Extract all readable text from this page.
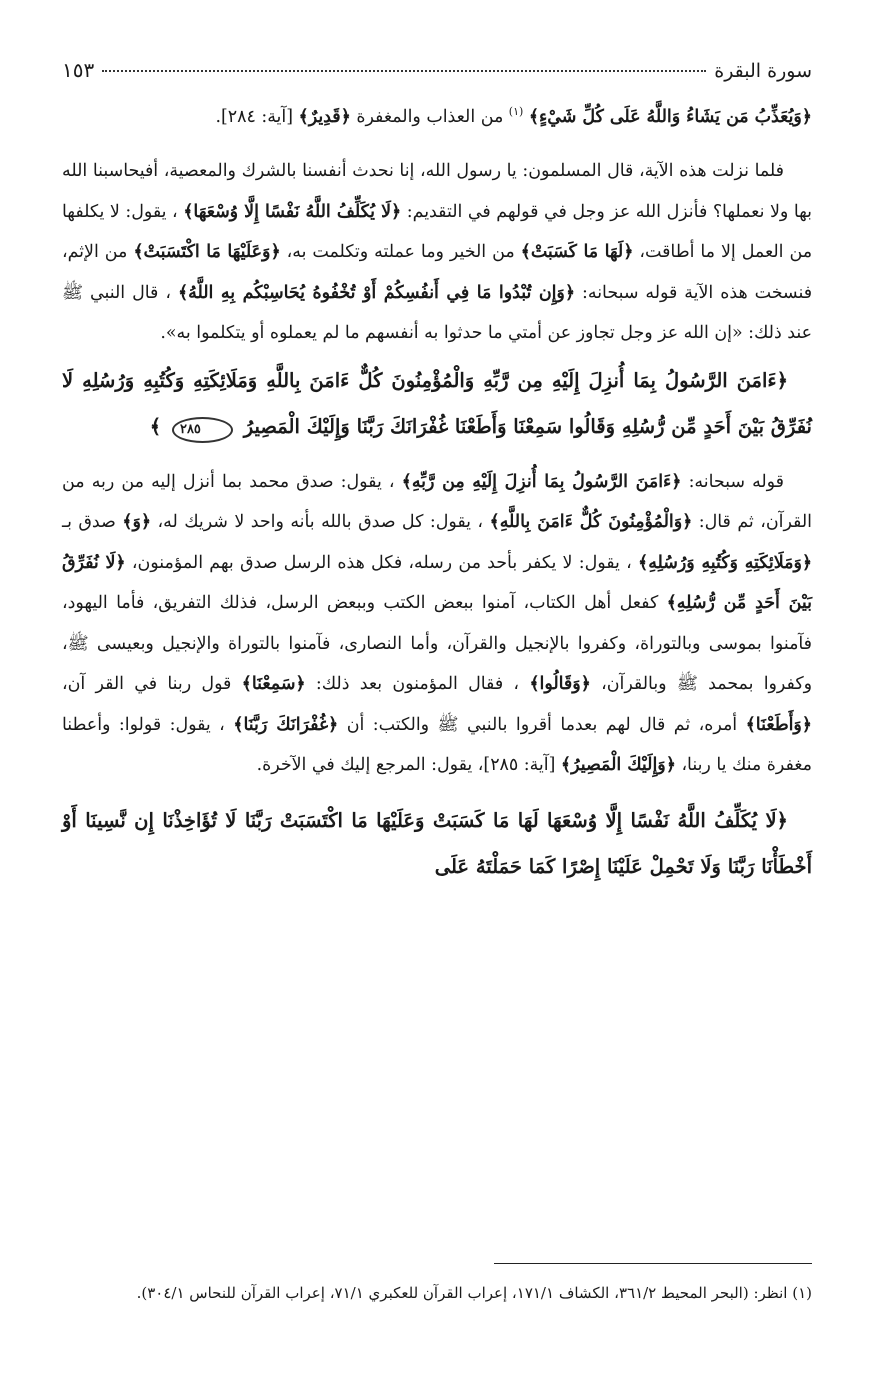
سورة البقرة
١٥٣

﴿وَيُعَذِّبُ مَن يَشَاءُ وَاللَّهُ عَلَى كُلِّ شَيْءٍ﴾ $^{(١)}$ من العذاب والمغفرة ﴿قَدِيرٌ﴾ [آية: ٢٨٤].

فلما نزلت هذه الآية، قال المسلمون: يا رسول الله، إنا نحدث أنفسنا بالشرك والمعصية، أفيحاسبنا الله بها ولا نعملها؟ فأنزل الله عز وجل في قولهم في التقديم: ﴿لَا يُكَلِّفُ اللَّهُ نَفْسًا إِلَّا وُسْعَهَا﴾ ، يقول: لا يكلفها من العمل إلا ما أطاقت، ﴿لَهَا مَا كَسَبَتْ﴾ من الخير وما عملته وتكلمت به، ﴿وَعَلَيْهَا مَا اكْتَسَبَتْ﴾ من الإثم، فنسخت هذه الآية قوله سبحانه: ﴿وَإِن تُبْدُوا مَا فِي أَنفُسِكُمْ أَوْ تُخْفُوهُ يُحَاسِبْكُم بِهِ اللَّهُ﴾ ، قال النبي ﷺ عند ذلك: «إن الله عز وجل تجاوز عن أمتي ما حدثوا به أنفسهم ما لم يعملوه أو يتكلموا به».

﴿ءَامَنَ الرَّسُولُ بِمَا أُنزِلَ إِلَيْهِ مِن رَّبِّهِ وَالْمُؤْمِنُونَ كُلٌّ ءَامَنَ بِاللَّهِ وَمَلَائِكَتِهِ وَكُتُبِهِ وَرُسُلِهِ لَا نُفَرِّقُ بَيْنَ أَحَدٍ مِّن رُّسُلِهِ وَقَالُوا سَمِعْنَا وَأَطَعْنَا غُفْرَانَكَ رَبَّنَا وَإِلَيْكَ الْمَصِيرُ ٢٨٥ ﴾

قوله سبحانه: ﴿ءَامَنَ الرَّسُولُ بِمَا أُنزِلَ إِلَيْهِ مِن رَّبِّهِ﴾ ، يقول: صدق محمد بما أنزل إليه من ربه من القرآن، ثم قال: ﴿وَالْمُؤْمِنُونَ كُلٌّ ءَامَنَ بِاللَّهِ﴾ ، يقول: كل صدق بالله بأنه واحد لا شريك له، ﴿وَ﴾ صدق بـ ﴿وَمَلَائِكَتِهِ وَكُتُبِهِ وَرُسُلِهِ﴾ ، يقول: لا يكفر بأحد من رسله، فكل هذه الرسل صدق بهم المؤمنون، ﴿لَا نُفَرِّقُ بَيْنَ أَحَدٍ مِّن رُّسُلِهِ﴾ كفعل أهل الكتاب، آمنوا ببعض الكتب وببعض الرسل، فذلك التفريق، فأما اليهود، فآمنوا بموسى وبالتوراة، وكفروا بالإنجيل والقرآن، وأما النصارى، فآمنوا بالتوراة والإنجيل وبعيسى ﷺ، وكفروا بمحمد ﷺ وبالقرآن، ﴿وَقَالُوا﴾ ، فقال المؤمنون بعد ذلك: ﴿سَمِعْنَا﴾ قول ربنا في القر آن، ﴿وَأَطَعْنَا﴾ أمره، ثم قال لهم بعدما أقروا بالنبي ﷺ والكتب: أن ﴿غُفْرَانَكَ رَبَّنَا﴾ ، يقول: قولوا: وأعطنا مغفرة منك يا ربنا، ﴿وَإِلَيْكَ الْمَصِيرُ﴾ [آية: ٢٨٥]، يقول: المرجع إليك في الآخرة.

﴿لَا يُكَلِّفُ اللَّهُ نَفْسًا إِلَّا وُسْعَهَا لَهَا مَا كَسَبَتْ وَعَلَيْهَا مَا اكْتَسَبَتْ رَبَّنَا لَا تُؤَاخِذْنَا إِن نَّسِينَا أَوْ أَخْطَأْنَا رَبَّنَا وَلَا تَحْمِلْ عَلَيْنَا إِصْرًا كَمَا حَمَلْتَهُ عَلَى

(١) انظر: (البحر المحيط ٣٦١/٢، الكشاف ١٧١/١، إعراب القرآن للعكبري ٧١/١، إعراب القرآن للنحاس ٣٠٤/١).
